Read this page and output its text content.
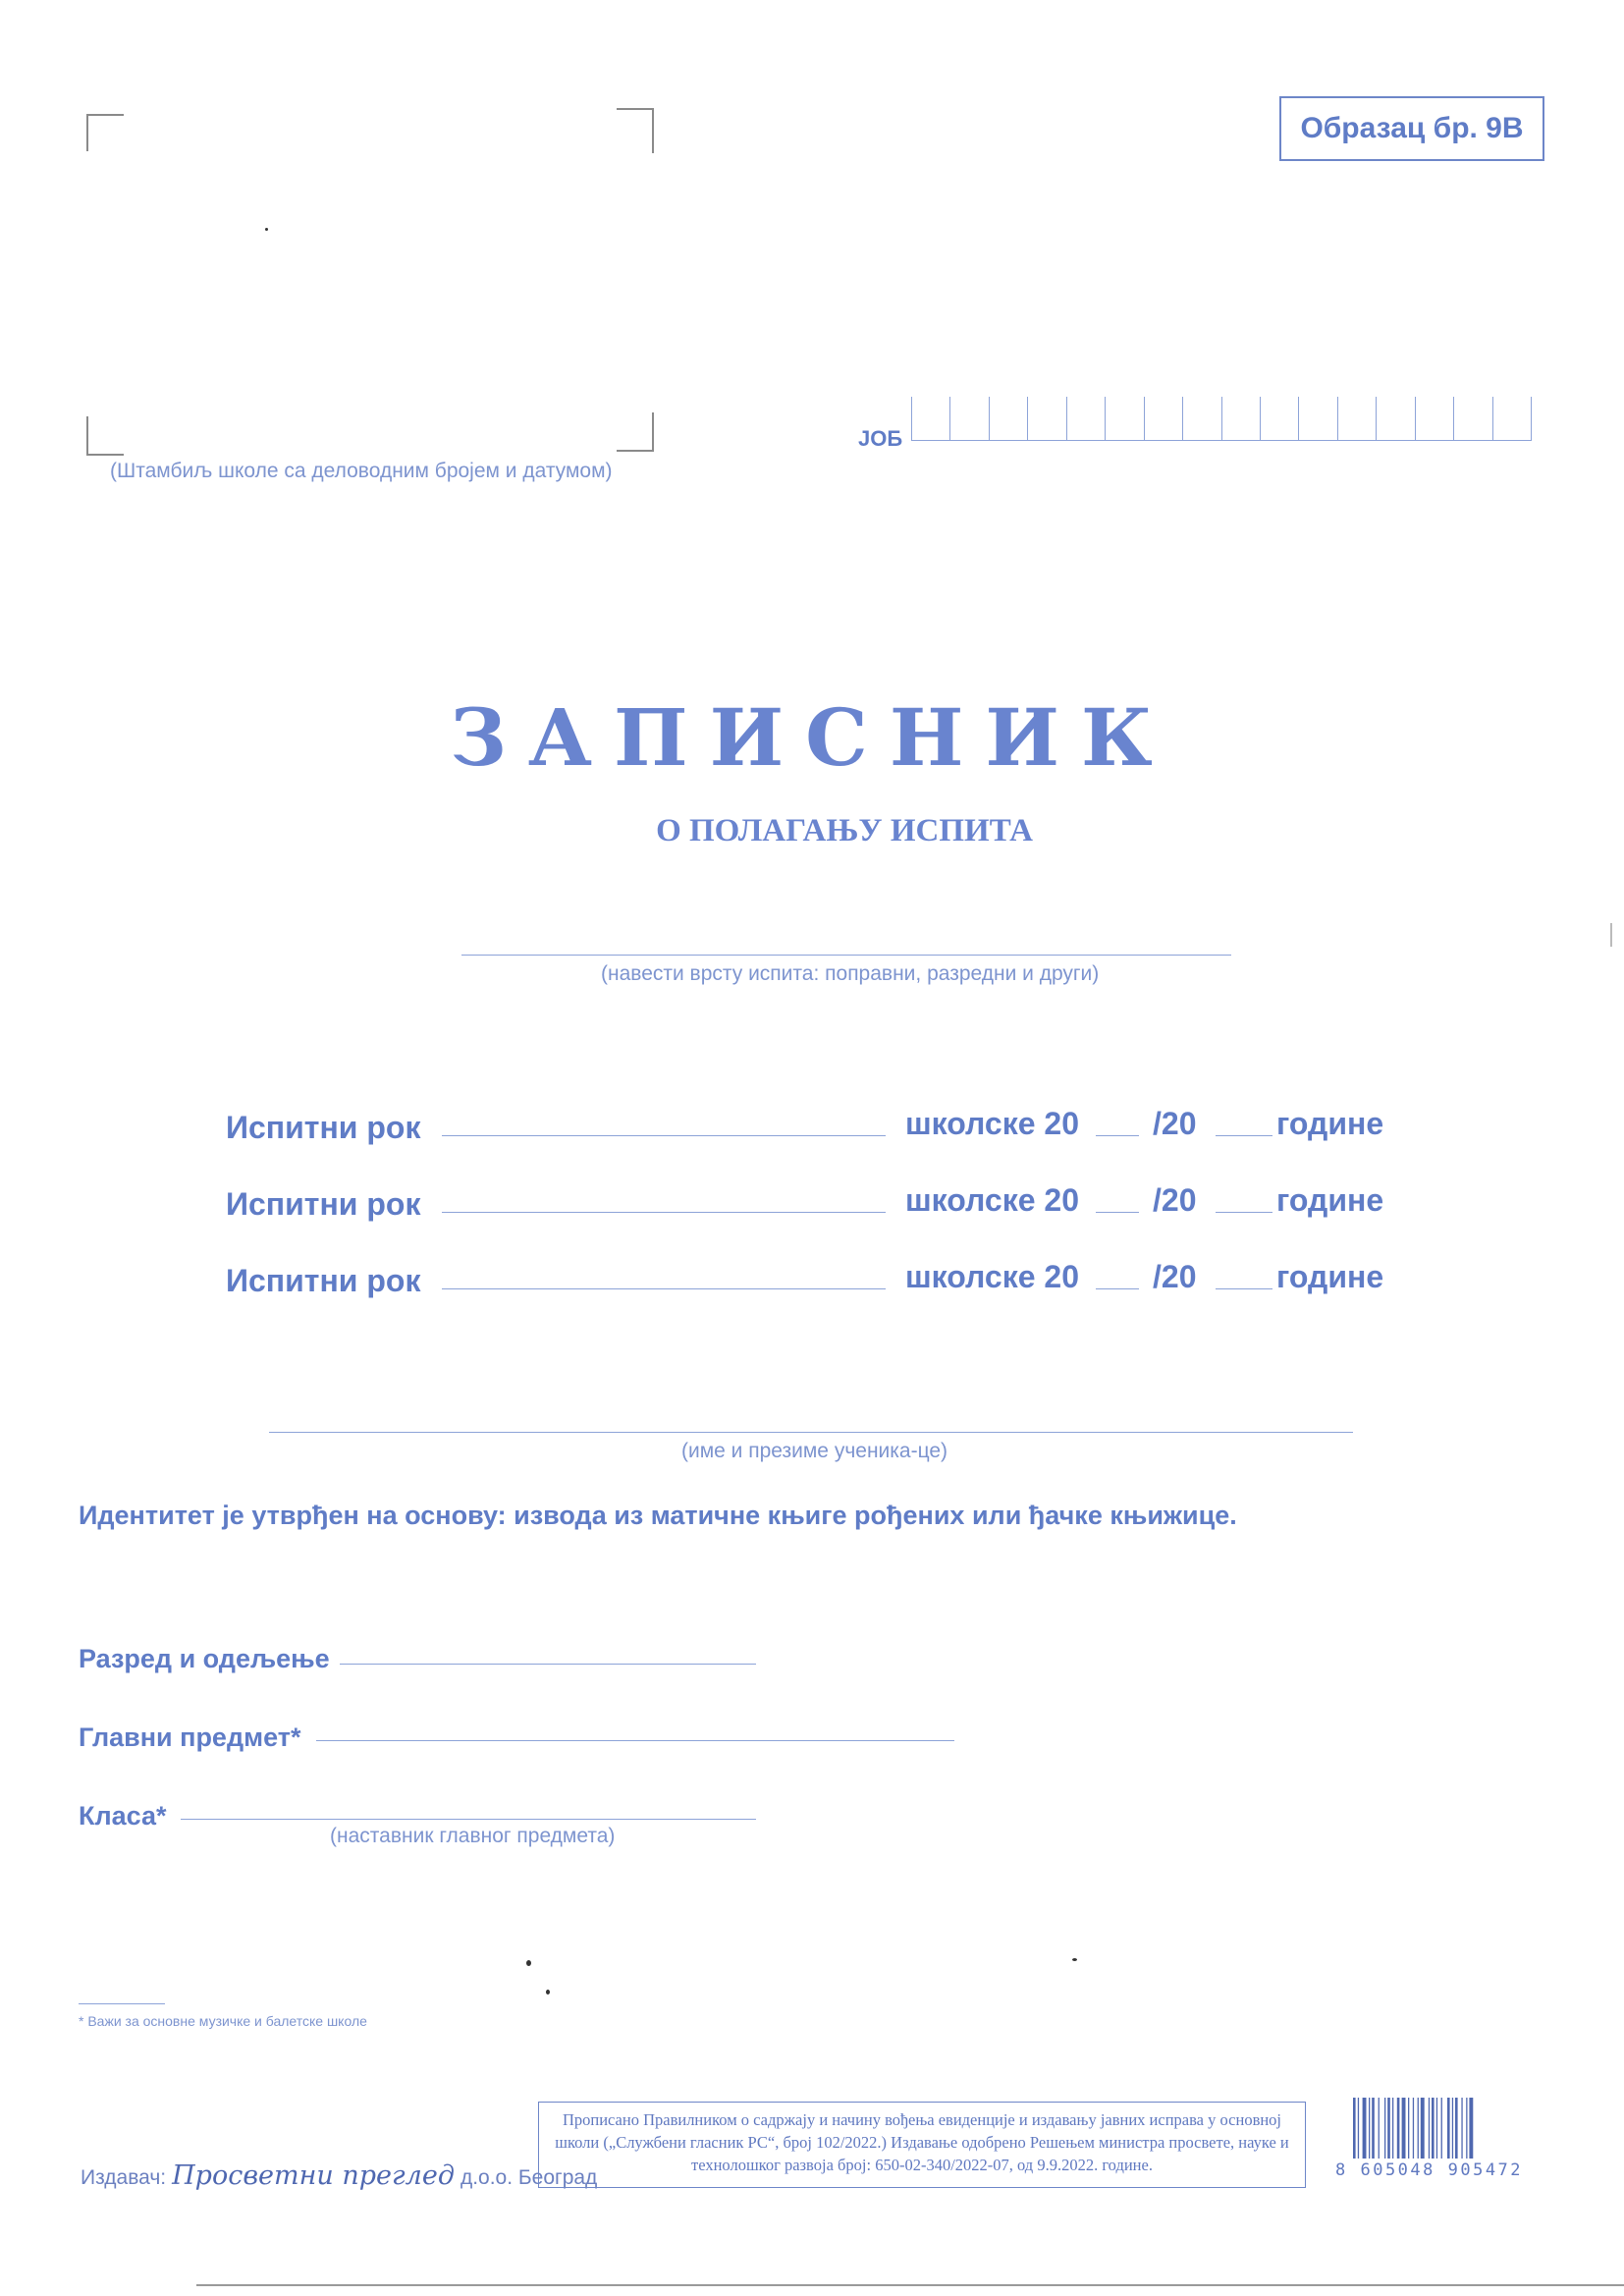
(Штамбиљ школе са деловодним бројем и датумом)
Образац бр. 9В
ЈОБ
ЗАПИСНИК
О ПОЛАГАЊУ ИСПИТА
(навести врсту испита: поправни, разредни и други)
Испитни рок	школске 20 /20	године
Испитни рок	школске 20 /20	године
Испитни рок	школске 20 /20	године
(име и презиме ученика-це)
Идентитет је утврђен на основу: извода из матичне књиге рођених или ђачке књижице.
Разред и одељење
Главни предмет*
Класа*
(наставник главног предмета)
* Важи за основне музичке и балетске школе
Издавач: Просветни преглед д.о.о. Београд
Прописано Правилником о садржају и начину вођења евиденције и издавању јавних исправа у основној
школи („Службени гласник РС“, број 102/2022.) Издавање одобрено Решењем министра просвете, науке и
технолошког развоја број: 650-02-340/2022-07, од 9.9.2022. године.	8 605048 905472
